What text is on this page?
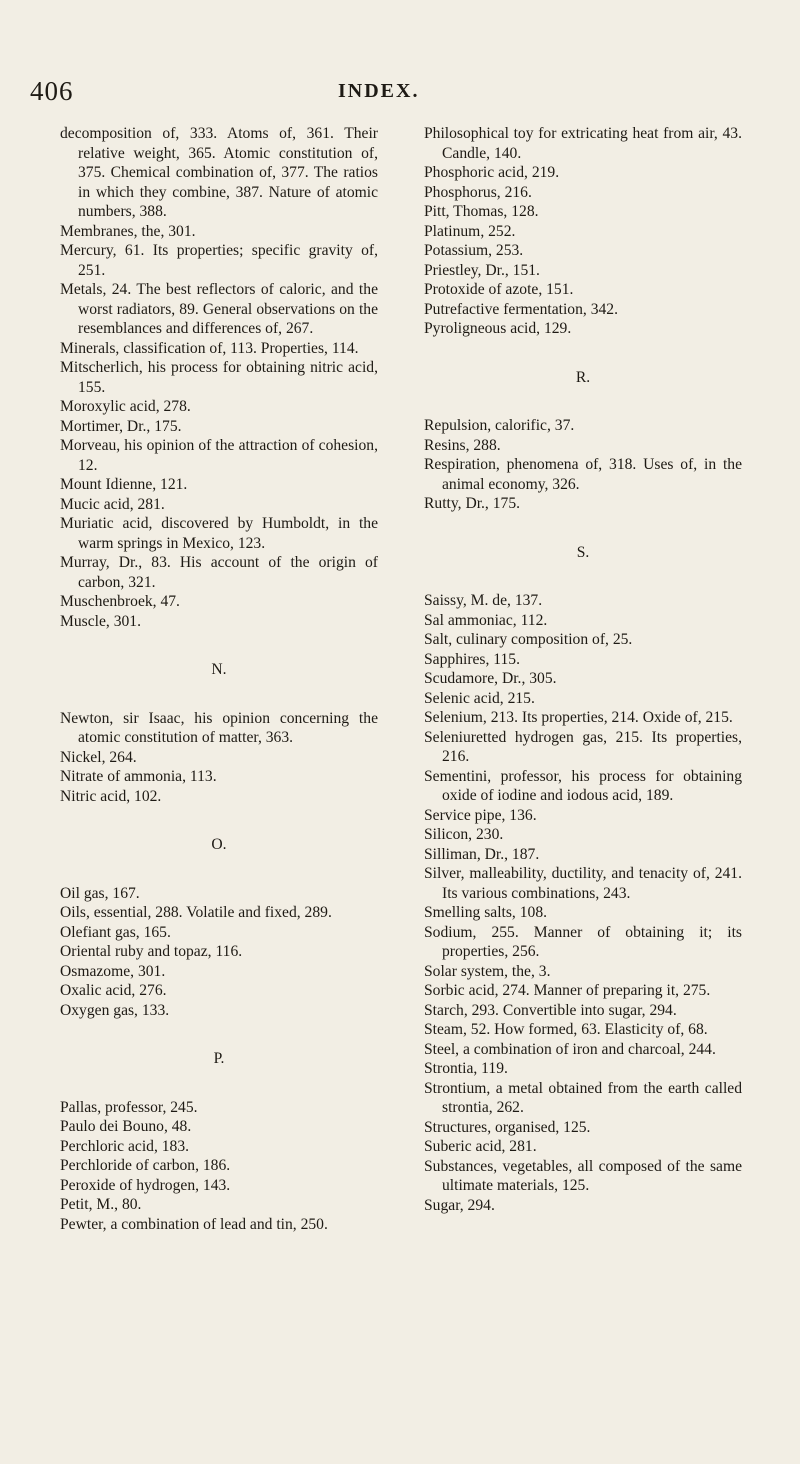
406	INDEX.
decomposition of, 333. Atoms of, 361. Their relative weight, 365. Atomic constitution of, 375. Chemical combination of, 377. The ratios in which they combine, 387. Nature of atomic numbers, 388.
Membranes, the, 301.
Mercury, 61. Its properties; specific gravity of, 251.
Metals, 24. The best reflectors of caloric, and the worst radiators, 89. General observations on the resemblances and differences of, 267.
Minerals, classification of, 113. Properties, 114.
Mitscherlich, his process for obtaining nitric acid, 155.
Moroxylic acid, 278.
Mortimer, Dr., 175.
Morveau, his opinion of the attraction of cohesion, 12.
Mount Idienne, 121.
Mucic acid, 281.
Muriatic acid, discovered by Humboldt, in the warm springs in Mexico, 123.
Murray, Dr., 83. His account of the origin of carbon, 321.
Muschenbroek, 47.
Muscle, 301.
N.
Newton, sir Isaac, his opinion concerning the atomic constitution of matter, 363.
Nickel, 264.
Nitrate of ammonia, 113.
Nitric acid, 102.
O.
Oil gas, 167.
Oils, essential, 288. Volatile and fixed, 289.
Olefiant gas, 165.
Oriental ruby and topaz, 116.
Osmazome, 301.
Oxalic acid, 276.
Oxygen gas, 133.
P.
Pallas, professor, 245.
Paulo dei Bouno, 48.
Perchloric acid, 183.
Perchloride of carbon, 186.
Peroxide of hydrogen, 143.
Petit, M., 80.
Pewter, a combination of lead and tin, 250.
Philosophical toy for extricating heat from air, 43. Candle, 140.
Phosphoric acid, 219.
Phosphorus, 216.
Pitt, Thomas, 128.
Platinum, 252.
Potassium, 253.
Priestley, Dr., 151.
Protoxide of azote, 151.
Putrefactive fermentation, 342.
Pyroligneous acid, 129.
R.
Repulsion, calorific, 37.
Resins, 288.
Respiration, phenomena of, 318. Uses of, in the animal economy, 326.
Rutty, Dr., 175.
S.
Saissy, M. de, 137.
Sal ammoniac, 112.
Salt, culinary composition of, 25.
Sapphires, 115.
Scudamore, Dr., 305.
Selenic acid, 215.
Selenium, 213. Its properties, 214. Oxide of, 215.
Seleniuretted hydrogen gas, 215. Its properties, 216.
Sementini, professor, his process for obtaining oxide of iodine and iodous acid, 189.
Service pipe, 136.
Silicon, 230.
Silliman, Dr., 187.
Silver, malleability, ductility, and tenacity of, 241. Its various combinations, 243.
Smelling salts, 108.
Sodium, 255. Manner of obtaining it; its properties, 256.
Solar system, the, 3.
Sorbic acid, 274. Manner of preparing it, 275.
Starch, 293. Convertible into sugar, 294.
Steam, 52. How formed, 63. Elasticity of, 68.
Steel, a combination of iron and charcoal, 244.
Strontia, 119.
Strontium, a metal obtained from the earth called strontia, 262.
Structures, organised, 125.
Suberic acid, 281.
Substances, vegetables, all composed of the same ultimate materials, 125.
Sugar, 294.
